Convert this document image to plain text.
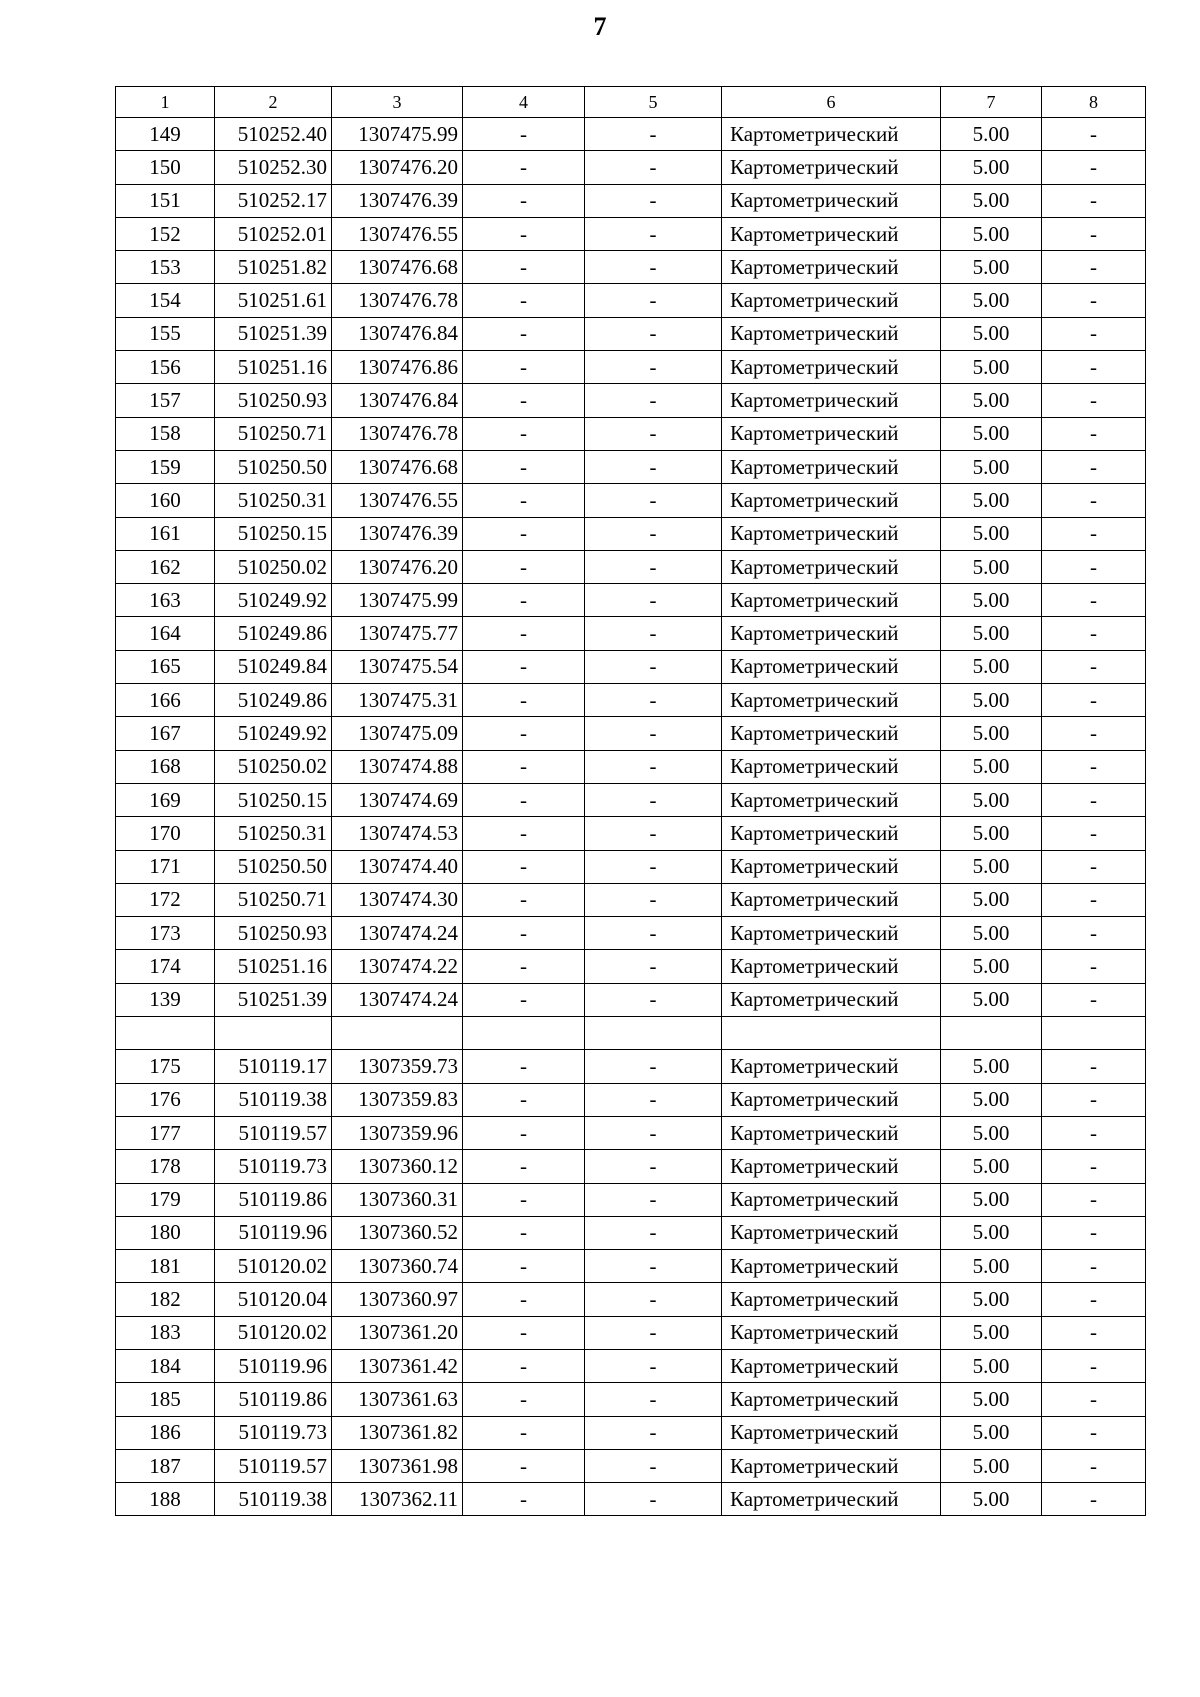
7
1	2	3	4	5	6	7	8
149	510252.40	1307475.99	-	-	Картометрический	5.00	-
150	510252.30	1307476.20	-	-	Картометрический	5.00	-
151	510252.17	1307476.39	-	-	Картометрический	5.00	-
152	510252.01	1307476.55	-	-	Картометрический	5.00	-
153	510251.82	1307476.68	-	-	Картометрический	5.00	-
154	510251.61	1307476.78	-	-	Картометрический	5.00	-
155	510251.39	1307476.84	-	-	Картометрический	5.00	-
156	510251.16	1307476.86	-	-	Картометрический	5.00	-
157	510250.93	1307476.84	-	-	Картометрический	5.00	-
158	510250.71	1307476.78	-	-	Картометрический	5.00	-
159	510250.50	1307476.68	-	-	Картометрический	5.00	-
160	510250.31	1307476.55	-	-	Картометрический	5.00	-
161	510250.15	1307476.39	-	-	Картометрический	5.00	-
162	510250.02	1307476.20	-	-	Картометрический	5.00	-
163	510249.92	1307475.99	-	-	Картометрический	5.00	-
164	510249.86	1307475.77	-	-	Картометрический	5.00	-
165	510249.84	1307475.54	-	-	Картометрический	5.00	-
166	510249.86	1307475.31	-	-	Картометрический	5.00	-
167	510249.92	1307475.09	-	-	Картометрический	5.00	-
168	510250.02	1307474.88	-	-	Картометрический	5.00	-
169	510250.15	1307474.69	-	-	Картометрический	5.00	-
170	510250.31	1307474.53	-	-	Картометрический	5.00	-
171	510250.50	1307474.40	-	-	Картометрический	5.00	-
172	510250.71	1307474.30	-	-	Картометрический	5.00	-
173	510250.93	1307474.24	-	-	Картометрический	5.00	-
174	510251.16	1307474.22	-	-	Картометрический	5.00	-
139	510251.39	1307474.24	-	-	Картометрический	5.00	-

175	510119.17	1307359.73	-	-	Картометрический	5.00	-
176	510119.38	1307359.83	-	-	Картометрический	5.00	-
177	510119.57	1307359.96	-	-	Картометрический	5.00	-
178	510119.73	1307360.12	-	-	Картометрический	5.00	-
179	510119.86	1307360.31	-	-	Картометрический	5.00	-
180	510119.96	1307360.52	-	-	Картометрический	5.00	-
181	510120.02	1307360.74	-	-	Картометрический	5.00	-
182	510120.04	1307360.97	-	-	Картометрический	5.00	-
183	510120.02	1307361.20	-	-	Картометрический	5.00	-
184	510119.96	1307361.42	-	-	Картометрический	5.00	-
185	510119.86	1307361.63	-	-	Картометрический	5.00	-
186	510119.73	1307361.82	-	-	Картометрический	5.00	-
187	510119.57	1307361.98	-	-	Картометрический	5.00	-
188	510119.38	1307362.11	-	-	Картометрический	5.00	-
